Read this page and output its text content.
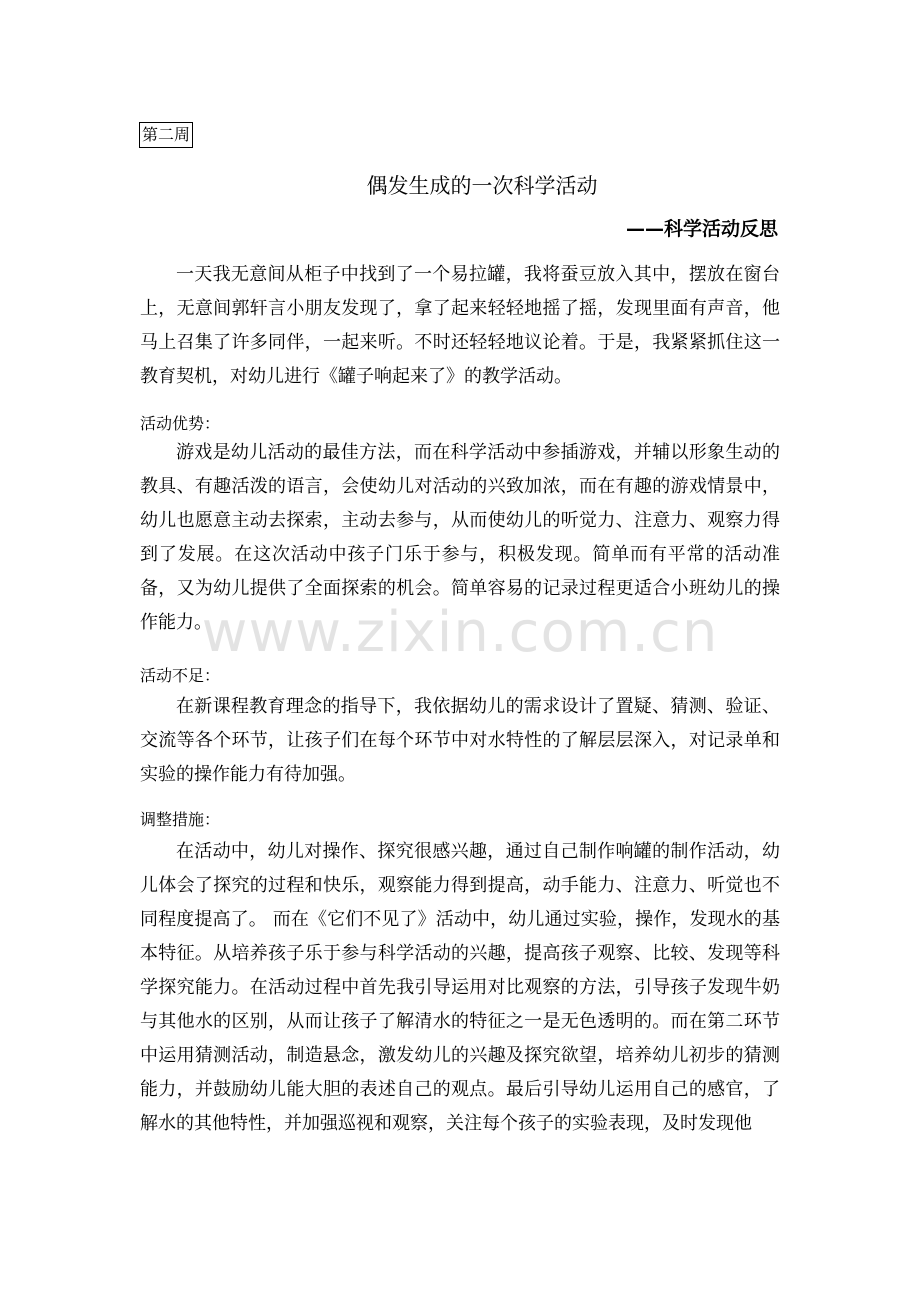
www.zixin.com.cn
第二周
偶发生成的一次科学活动
——科学活动反思

一天我无意间从柜子中找到了一个易拉罐，我将蚕豆放入其中，摆放在窗台上，无意间郭轩言小朋友发现了，拿了起来轻轻地摇了摇，发现里面有声音，他马上召集了许多同伴，一起来听。不时还轻轻地议论着。于是，我紧紧抓住这一教育契机，对幼儿进行《罐子响起来了》的教学活动。

活动优势：

游戏是幼儿活动的最佳方法，而在科学活动中参插游戏，并辅以形象生动的教具、有趣活泼的语言，会使幼儿对活动的兴致加浓，而在有趣的游戏情景中，幼儿也愿意主动去探索，主动去参与，从而使幼儿的听觉力、注意力、观察力得到了发展。在这次活动中孩子门乐于参与，积极发现。简单而有平常的活动准备，又为幼儿提供了全面探索的机会。简单容易的记录过程更适合小班幼儿的操作能力。

活动不足：

在新课程教育理念的指导下，我依据幼儿的需求设计了置疑、猜测、验证、交流等各个环节，让孩子们在每个环节中对水特性的了解层层深入，对记录单和实验的操作能力有待加强。

调整措施：

在活动中，幼儿对操作、探究很感兴趣，通过自己制作响罐的制作活动，幼儿体会了探究的过程和快乐，观察能力得到提高，动手能力、注意力、听觉也不同程度提高了。 而在《它们不见了》活动中，幼儿通过实验，操作，发现水的基本特征。从培养孩子乐于参与科学活动的兴趣，提高孩子观察、比较、发现等科学探究能力。在活动过程中首先我引导运用对比观察的方法，引导孩子发现牛奶与其他水的区别，从而让孩子了解清水的特征之一是无色透明的。而在第二环节中运用猜测活动，制造悬念，激发幼儿的兴趣及探究欲望，培养幼儿初步的猜测能力，并鼓励幼儿能大胆的表述自己的观点。最后引导幼儿运用自己的感官，了解水的其他特性，并加强巡视和观察，关注每个孩子的实验表现，及时发现他
